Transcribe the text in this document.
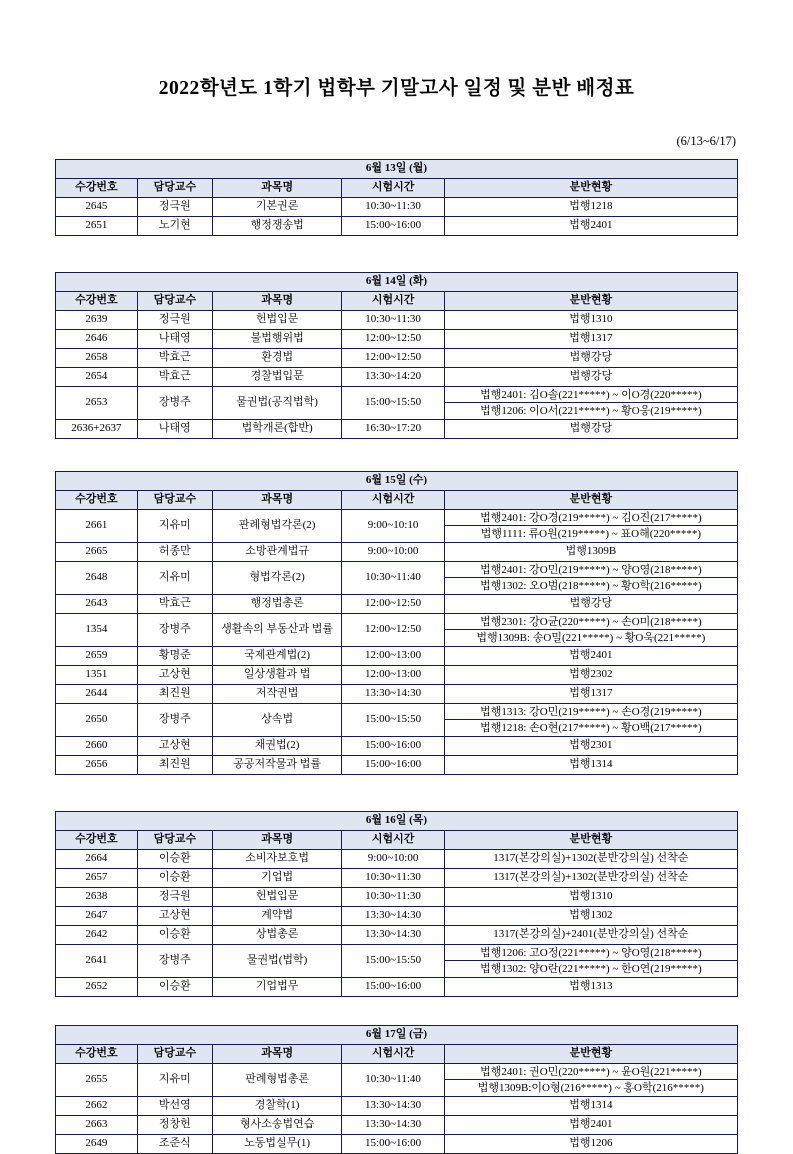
2022학년도 1학기 법학부 기말고사 일정 및 분반 배정표
(6/13~6/17)
6월 13일 (월)				
수강번호	담당교수	과목명	시험시간	분반현황
2645	정극원	기본권론	10:30~11:30	법행1218
2651	노기현	행정쟁송법	15:00~16:00	법행2401
6월 14일 (화)				
수강번호	담당교수	과목명	시험시간	분반현황
2639	정극원	헌법입문	10:30~11:30	법행1310
2646	나태영	불법행위법	12:00~12:50	법행1317
2658	박효근	환경법	12:00~12:50	법행강당
2654	박효근	경찰법입문	13:30~14:20	법행강당
2653	장병주	물권법(공직법학)	15:00~15:50	법행2401: 김O솔(221*****) ~ 이O경(220*****)
법행1206: 이O서(221*****) ~ 황O웅(219*****)

2636+2637	나태영	법학개론(합반)	16:30~17:20	법행강당
6월 15일 (수)				
수강번호	담당교수	과목명	시험시간	분반현황
2661	지유미	판례형법각론(2)	9:00~10:10	법행2401: 강O경(219*****) ~ 김O진(217*****)
법행1111: 류O원(219*****) ~ 표O해(220*****)

2665	허종만	소방관계법규	9:00~10:00	법행1309B
2648	지유미	형법각론(2)	10:30~11:40	법행2401: 강O민(219*****) ~ 양O영(218*****)
법행1302: 오O범(218*****) ~ 황O학(216*****)

2643	박효근	행정법총론	12:00~12:50	법행강당
1354	장병주	생활속의 부동산과 법률	12:00~12:50	법행2301: 강O균(220*****) ~ 손O미(218*****)
법행1309B: 송O밀(221*****) ~ 황O욱(221*****)

2659	황명준	국제관계법(2)	12:00~13:00	법행2401
1351	고상현	일상생활과 법	12:00~13:00	법행2302
2644	최진원	저작권법	13:30~14:30	법행1317
2650	장병주	상속법	15:00~15:50	법행1313: 강O민(219*****) ~ 손O경(219*****)
법행1218: 손O현(217*****) ~ 황O백(217*****)

2660	고상현	채권법(2)	15:00~16:00	법행2301
2656	최진원	공공저작물과 법률	15:00~16:00	법행1314
6월 16일 (목)				
수강번호	담당교수	과목명	시험시간	분반현황
2664	이승환	소비자보호법	9:00~10:00	1317(본강의실)+1302(분반강의실) 선착순
2657	이승환	기업법	10:30~11:30	1317(본강의실)+1302(분반강의실) 선착순
2638	정극원	헌법입문	10:30~11:30	법행1310
2647	고상현	계약법	13:30~14:30	법행1302
2642	이승환	상법총론	13:30~14:30	1317(본강의실)+2401(분반강의실) 선착순
2641	장병주	물권법(법학)	15:00~15:50	법행1206: 고O정(221*****) ~ 양O영(218*****)
법행1302: 양O란(221*****) ~ 한O연(219*****)

2652	이승환	기업법무	15:00~16:00	법행1313
6월 17일 (금)				
수강번호	담당교수	과목명	시험시간	분반현황
2655	지유미	판례형법총론	10:30~11:40	법행2401: 권O민(220*****) ~ 윤O원(221*****)
법행1309B:이O형(216*****) ~ 홍O학(216*****)

2662	박선영	경찰학(1)	13:30~14:30	법행1314
2663	정창헌	형사소송법연습	13:30~14:30	법행2401
2649	조준식	노동법실무(1)	15:00~16:00	법행1206
